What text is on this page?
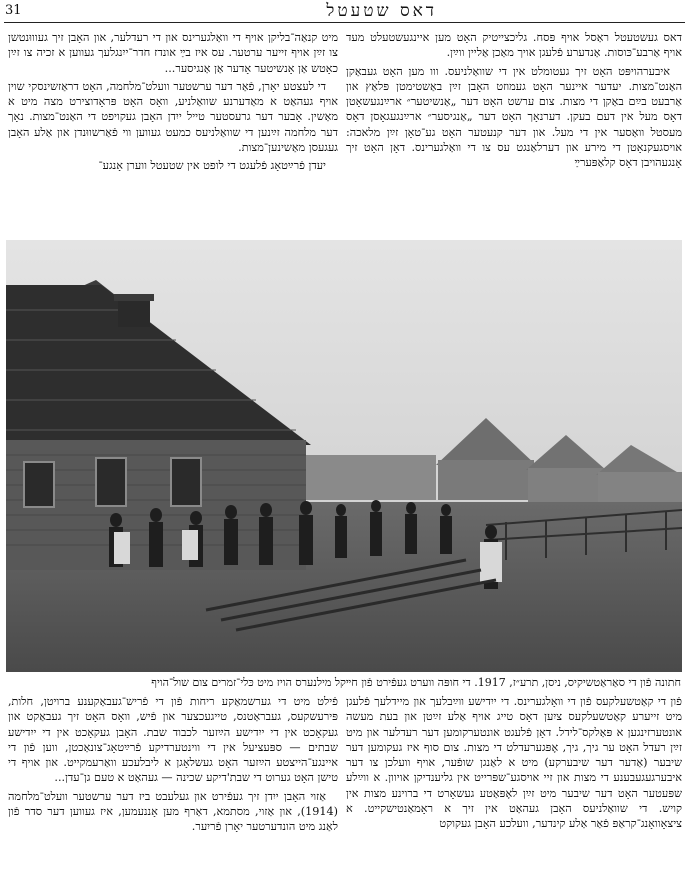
31	דאס שטעטל

דאס געשטעטל ראַסל אויף פּסח. גליכצייטיק האָט מען איינגעשטעלט מעד אויף אַרבע־כּוסות. אַנדערע פֿלעגן אויך מאַכן אַליין ווײַן.

איבערהויפּט האָט זיך געטומלט אין די שוואַלניעס. ווו מען האָט געבאַקן האַנט־מצות. יעדער איינער האָט געמוזט האָבן זײַן באַשטימטן פּלאַץ און אַרבעט בײַם באַקן די מצות. צום ערשט האָט דער „אַנשיטער״ ארײַנגעשאָטן דאָס מעל אין דעם בעקן. דערנאָך האָט דער „אַנגיסער״ ארײַנגעגאָסן דאָס מעסטל וואַסער אין די מעל. און דער קנעטער האָט גע־טאָן זײַן מלאכה: אויסגעקנאָטן די מירע און דערלאַנגט עס צו די וואַלגערינס. דאָן האָט זיך אָנגעהויבן דאָס קלאַפּערײַ

מיט קנאַה־בליקן אויף די וואַלגערינס און די רעדלער, און האָבן זיך געוווּנטשן צו זײַן אויף זייער ערטער. עס איז בײַ אונדז חדר־ייִנגלעך געווען א זכיה צו זײַן כאָטש אַן אָנשיטער אָדער אַן אַנגיסער...

די לעצטע יאָרן, פֿאַר דער ערשטער וועלט־מלחמה, האָט דראַזשינסקי שוין אויף געהאַט א מאַדערנע שוואַלניע, וואָס האָט פּראָדוצירט מצה מיט א מאַשין. אָבער דער גרעסטער טייל ייִדן האָבן געקויפט די האַנט־מצות. נאָך דער מלחמה זײַנען די שוואַלניעס כמעט געווען ווי פֿאַרשווּנדן און אַלע האָבן געגעסן מאַשינען־מצות.

יעדן פֿרײַטאָג פֿלעגט די לופט אין שטעטל ווערן אָנגע־

חתונה פֿון די סאַראַטשיקיס, ניסן, תרע״ז, 1917. די חופּה ווערט געפֿירט פֿון חײקל מילנערס הויז מיט כּלי־זמרים צום שול־הויף

פֿון די קאַטשעלקעס פֿון די וואָלגערינס. די ייִדישע ווײַבלעך און מיידלעך פֿלעגן מיט זייערע קאַטשעלקעס ציִען דאָס טייג אויף אַלע זײַטן און בעת מעשה אונטערזינגען א פּאַלקס־לידל. דאָן פֿלעגט אונטערקומען דער רעדלער און מיט זײַן רעדל האָט ער גיך, גיך, אָפּגערעדלט די מצות. צום סוף איז געקומען דער שיבער (אַדער דער שיבערקע) מיט א לאַנגן שופֿער, אויף וועלכן צו דער איבערגעגעבענע די מצות און זיי אויסגע־שפּרייט אין גליענדיקן אויוון. א ווײַלע שפּעטער האָט דער שיבער מיט זײַן לאָפּאַטע געשאָרט די ברוינע מצות אין קויש. די שוואַלניעס האָבן געהאַט אין זיך א ראָמאַנטישקייט. א ציצאָוואָנג־קראַפּ פֿאַר אַלע קינדער, וועלכע האָבן געקוקט

פֿילט מיט די גערשמאַקע ריחות פֿון די פֿריש־געבאַקענע ברויטן, חלות, פּירעשקעס, געבראַטנס, טייגעכצער און פֿיש, וואָס האָט זיך געבאַקט און געקאָכט אין די ייִדישע הײַזער לכבוד שבת. האָבן געקאָכט אין די ייִדישע שבתים — ספּעציעל אין די ווינטערדיקע פֿרײַטאָג־צונאַכטן, ווען פֿון די איינגע־הייצטע הײַזער האָט געשלאָגן א ליבלעכע וואַרעמקייט. און אויף די טישן האָט גערוט די שבת'דיקע שכינה — געהאַט א טעם גן־עדן...

אַזוי האָבן ייִדן זיך געפֿירט און געלעבט ביז דער ערשטער וועלט־מלחמה (1914), און אַזוי, מסתמא, דאַרף מען אָננעמען, איז געווען דער סדר פֿון לאַנג מיט הונדערטער יאָרן פֿריִער.
